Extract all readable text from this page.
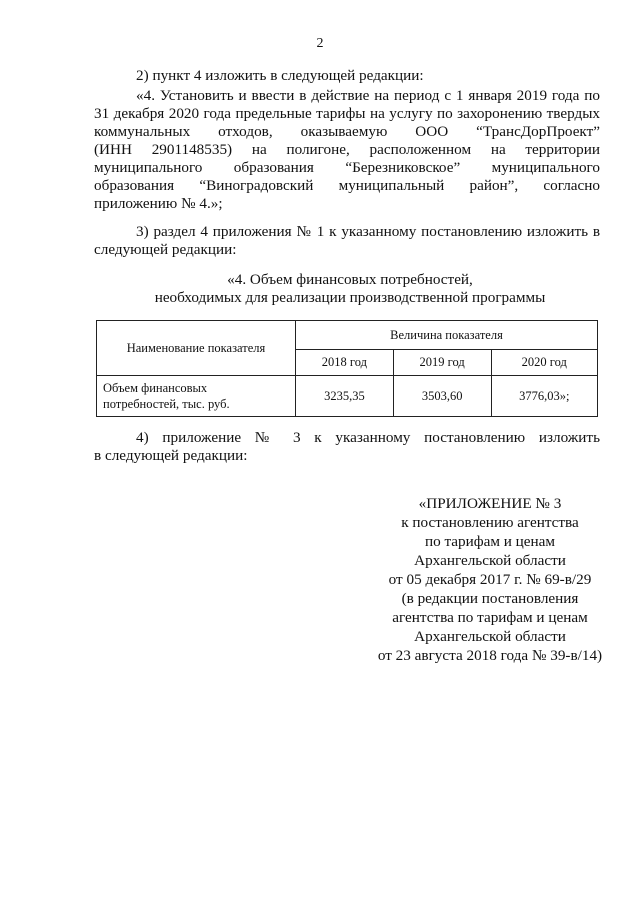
2
2) пункт 4 изложить в следующей редакции:
«4. Установить и ввести в действие на период с 1 января 2019 года по
31 декабря 2020 года предельные тарифы на услугу по захоронению твердых
коммунальных отходов, оказываемую ООО “ТрансДорПроект”
(ИНН 2901148535) на полигоне, расположенном на территории
муниципального образования “Березниковское” муниципального
образования “Виноградовский муниципальный район”, согласно
приложению № 4.»;
3) раздел 4 приложения № 1 к указанному постановлению изложить в
следующей редакции:
«4. Объем финансовых потребностей,
необходимых для реализации производственной программы
Наименование показателя	Величина показателя		
	2018 год	2019 год	2020 год

Объем финансовых
потребностей, тыс. руб.	3235,35	3503,60	3776,03»;
4) приложение № 3 к указанному постановлению изложить
в следующей редакции:
«ПРИЛОЖЕНИЕ № 3
к постановлению агентства
по тарифам и ценам
Архангельской области
от 05 декабря 2017 г. № 69-в/29
(в редакции постановления
агентства по тарифам и ценам
Архангельской области
от 23 августа 2018 года № 39-в/14)
